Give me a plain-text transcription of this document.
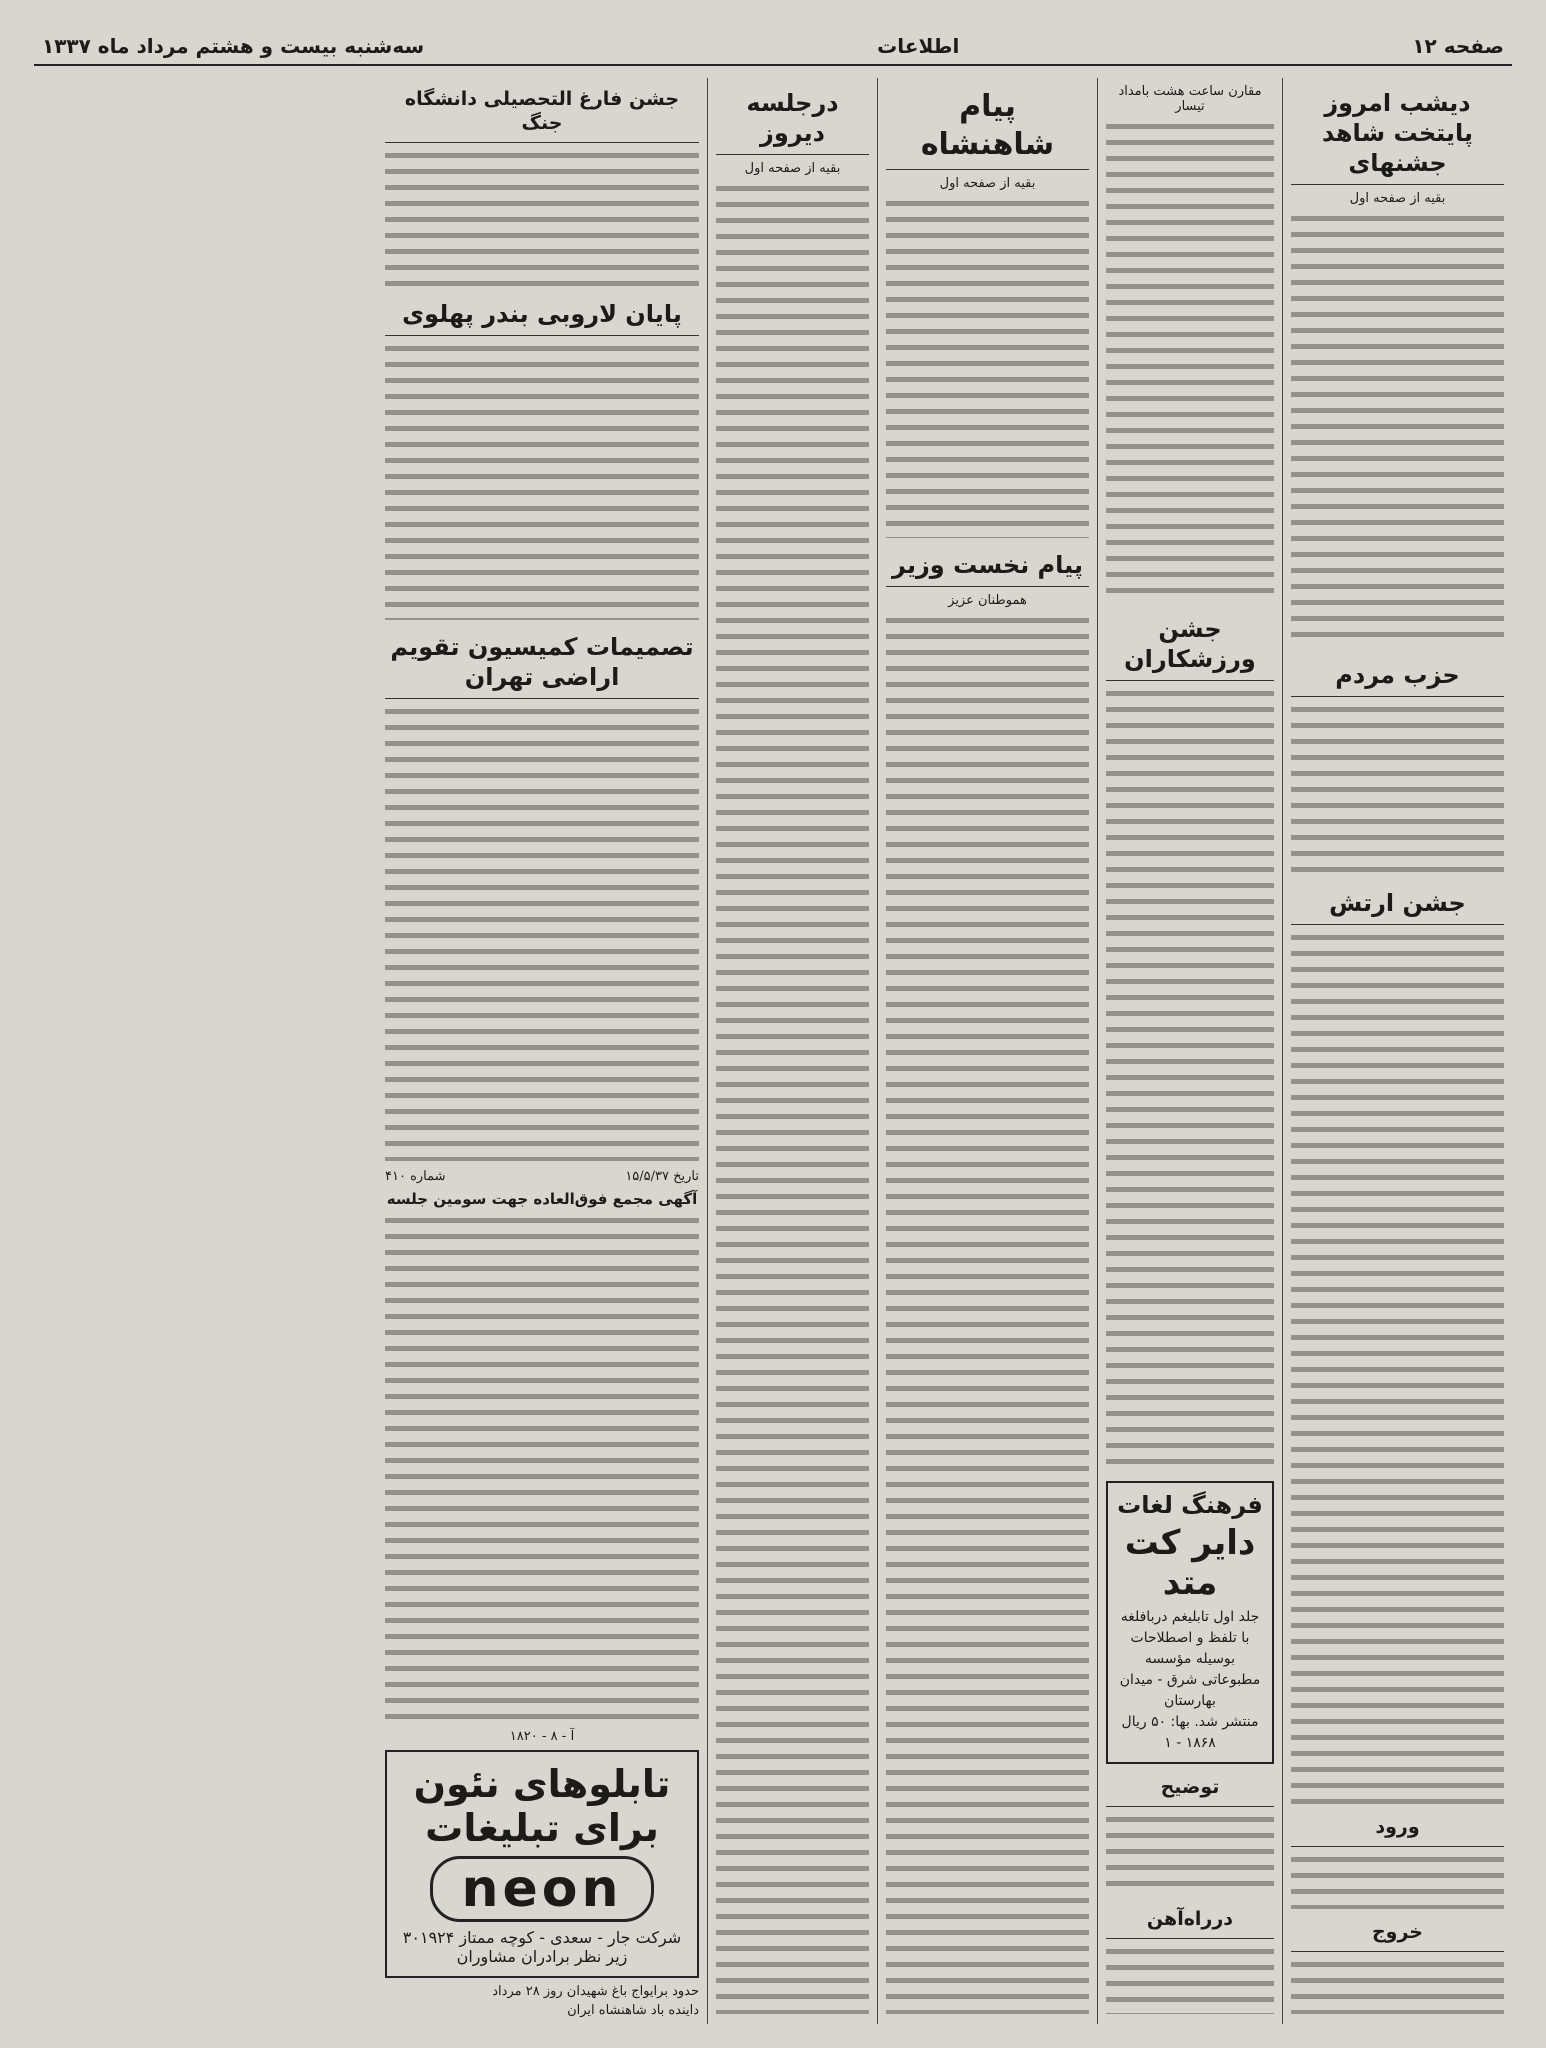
صفحه ۱۲
اطلاعات
سه‌شنبه بیست و هشتم مرداد ماه ۱۳۳۷
دیشب امروز پایتخت شاهد جشنهای
بقیه از صفحه اول
حزب مردم
جشن ارتش
ورود
خروج
مقارن ساعت هشت بامداد تیسار
جشن ورزشکاران
فرهنگ لغات
دایر کت متد
جلد اول تابلیغم دربافلغه
با تلفظ و اصطلاحات
بوسیله مؤسسه مطبوعاتی شرق - میدان بهارستان
منتشر شد. بها: ۵۰ ریال
۱۸۶۸ - ۱
توضیح
درراه‌آهن
پیام شاهنشاه
بقیه از صفحه اول
پیام نخست وزیر
هموطنان عزیز
درجلسه دیروز
بقیه از صفحه اول
جشن فارغ التحصیلی دانشگاه جنگ
پایان لاروبی بندر پهلوی
تصمیمات کمیسیون تقویم اراضی تهران
تاریخ ۱۵/۵/۳۷
شماره ۴۱۰
آگهی مجمع فوق‌العاده جهت سومین جلسه
آ - ۸ - ۱۸۲۰
تابلوهای نئون برای تبلیغات
neon
شرکت جار - سعدی - کوچه ممتاز ۳۰۱۹۲۴
زیر نظر برادران مشاوران
حدود برایواج باغ شهیدان روز ۲۸ مرداد
داینده باد شاهنشاه ایران
